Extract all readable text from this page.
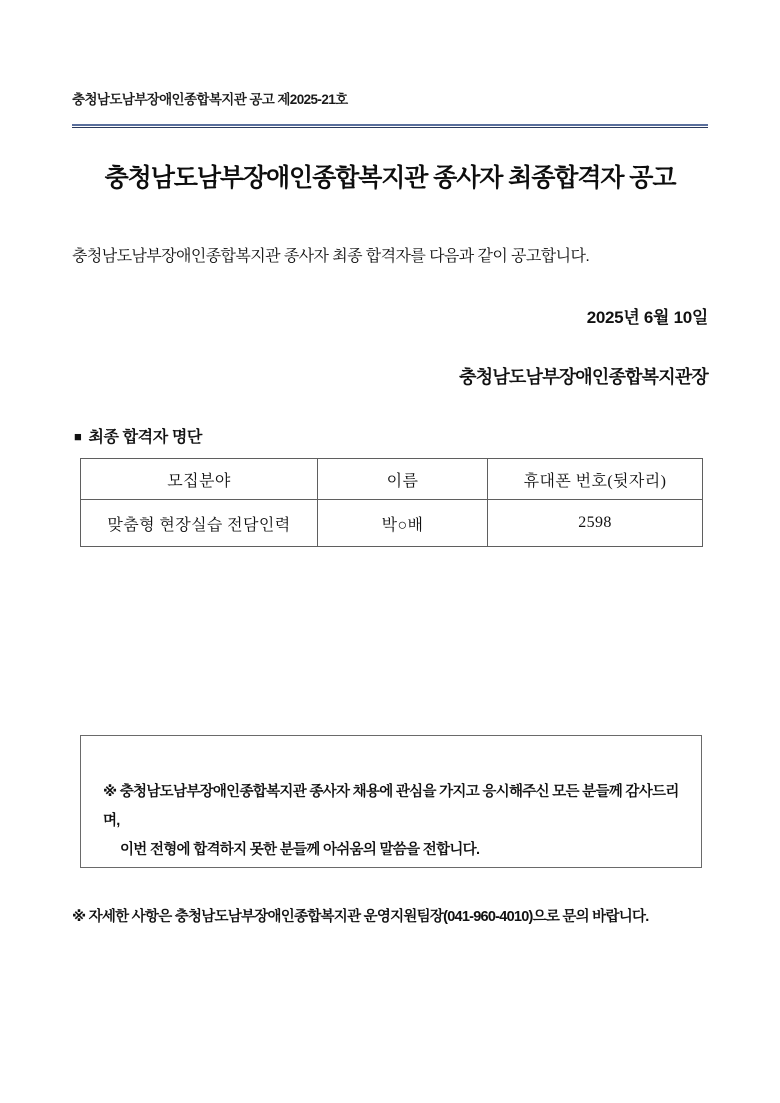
충청남도남부장애인종합복지관 공고 제2025-21호
충청남도남부장애인종합복지관 종사자 최종합격자 공고
충청남도남부장애인종합복지관 종사자 최종 합격자를 다음과 같이 공고합니다.
2025년 6월 10일
충청남도남부장애인종합복지관장
■ 최종 합격자 명단
모집분야	이름	휴대폰 번호(뒷자리)
맞춤형 현장실습 전담인력	박○배	2598
※ 충청남도남부장애인종합복지관 종사자 채용에 관심을 가지고 응시해주신 모든 분들께 감사드리며,
이번 전형에 합격하지 못한 분들께 아쉬움의 말씀을 전합니다.
※ 자세한 사항은 충청남도남부장애인종합복지관 운영지원팀장(041-960-4010)으로 문의 바랍니다.
